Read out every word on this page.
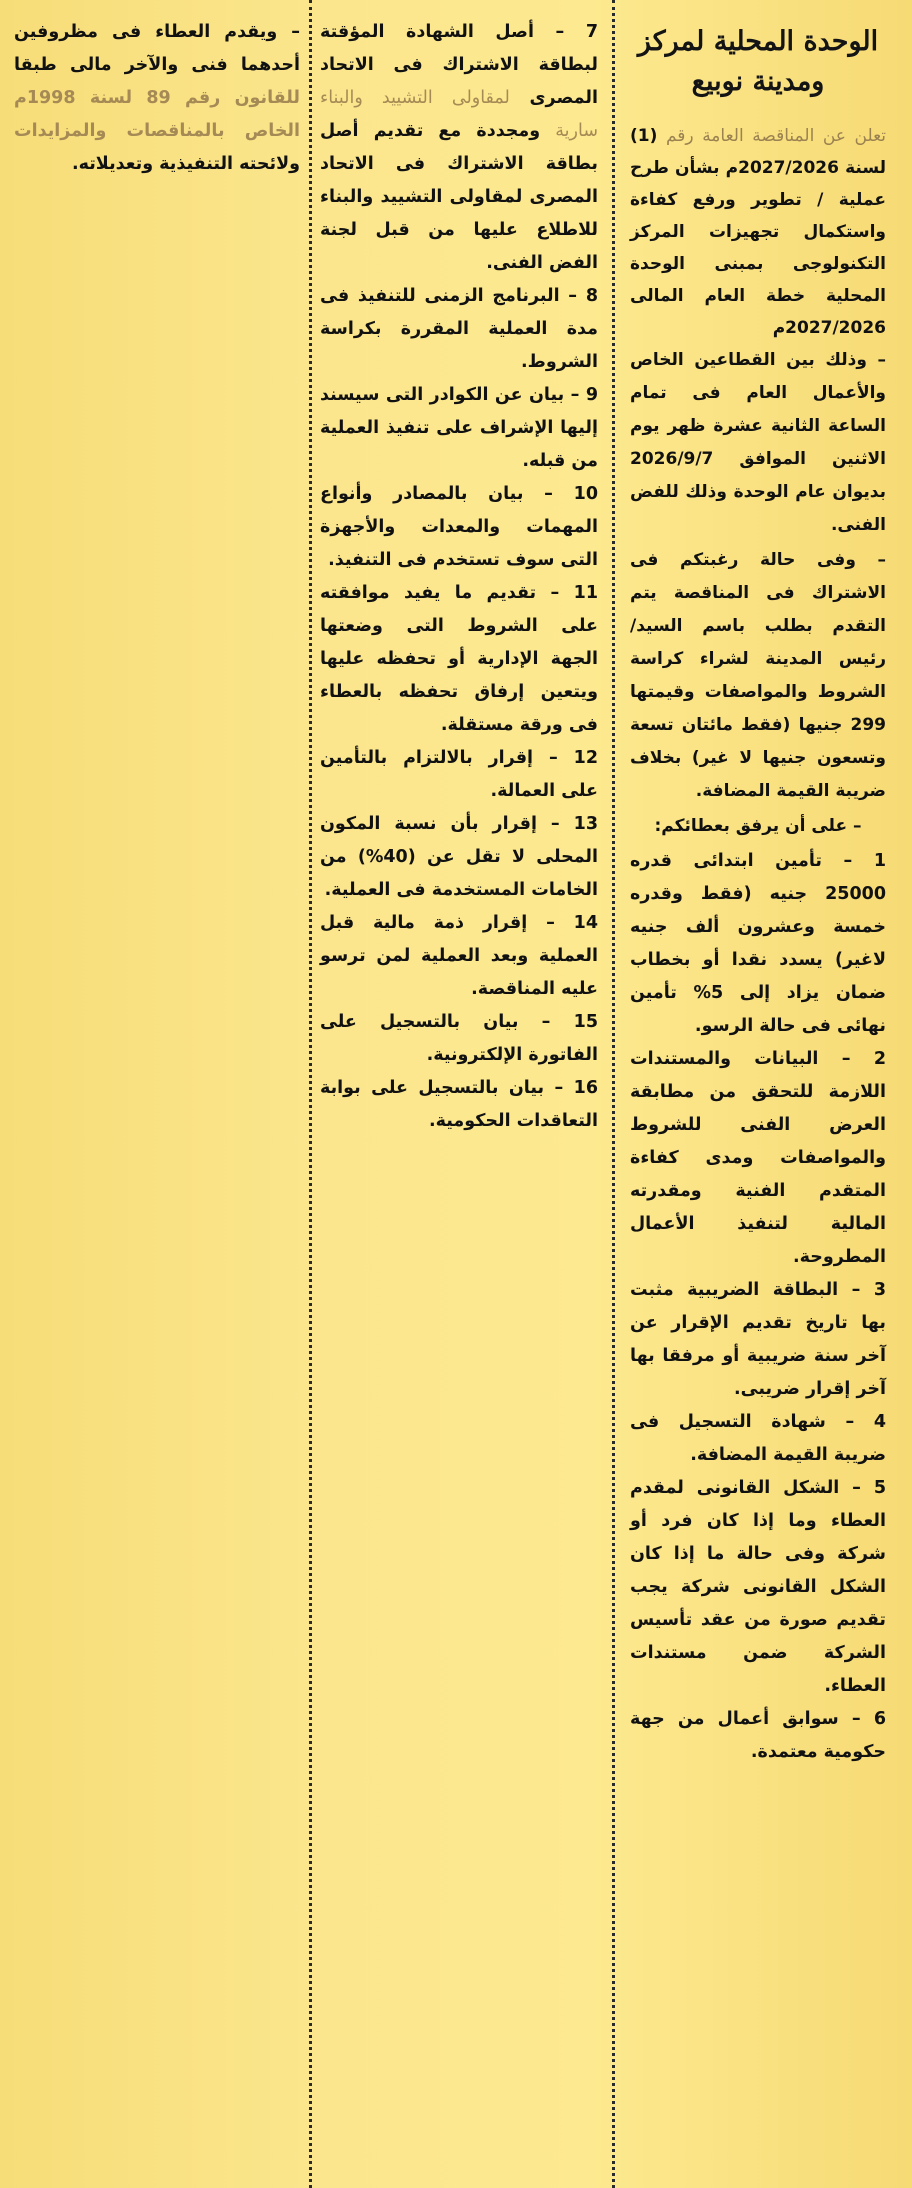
الوحدة المحلية لمركز ومدينة نوبيع

تعلن عن المناقصة العامة رقم (1) لسنة 2027/2026م بشأن طرح عملية / تطوير ورفع كفاءة واستكمال تجهيزات المركز التكنولوجى بمبنى الوحدة المحلية خطة العام المالى 2027/2026م

– وذلك بين القطاعين الخاص والأعمال العام فى تمام الساعة الثانية عشرة ظهر يوم الاثنين الموافق 2026/9/7 بديوان عام الوحدة وذلك للفض الفنى.

– وفى حالة رغبتكم فى الاشتراك فى المناقصة يتم التقدم بطلب باسم السيد/ رئيس المدينة لشراء كراسة الشروط والمواصفات وقيمتها 299 جنيها (فقط مائتان تسعة وتسعون جنيها لا غير) بخلاف ضريبة القيمة المضافة.

– على أن يرفق بعطائكم:

1 – تأمين ابتدائى قدره 25000 جنيه (فقط وقدره خمسة وعشرون ألف جنيه لاغير) يسدد نقدا أو بخطاب ضمان يزاد إلى 5% تأمين نهائى فى حالة الرسو.

2 – البيانات والمستندات اللازمة للتحقق من مطابقة العرض الفنى للشروط والمواصفات ومدى كفاءة المتقدم الفنية ومقدرته المالية لتنفيذ الأعمال المطروحة.

3 – البطاقة الضريبية مثبت بها تاريخ تقديم الإقرار عن آخر سنة ضريبية أو مرفقا بها آخر إقرار ضريبى.

4 – شهادة التسجيل فى ضريبة القيمة المضافة.

5 – الشكل القانونى لمقدم العطاء وما إذا كان فرد أو شركة وفى حالة ما إذا كان الشكل القانونى شركة يجب تقديم صورة من عقد تأسيس الشركة ضمن مستندات العطاء.

6 – سوابق أعمال من جهة حكومية معتمدة.

7 – أصل الشهادة المؤقتة لبطاقة الاشتراك فى الاتحاد المصرى لمقاولى التشييد والبناء سارية ومجددة مع تقديم أصل بطاقة الاشتراك فى الاتحاد المصرى لمقاولى التشييد والبناء للاطلاع عليها من قبل لجنة الفض الفنى.

8 – البرنامج الزمنى للتنفيذ فى مدة العملية المقررة بكراسة الشروط.

9 – بيان عن الكوادر التى سيسند إليها الإشراف على تنفيذ العملية من قبله.

10 – بيان بالمصادر وأنواع المهمات والمعدات والأجهزة التى سوف تستخدم فى التنفيذ.

11 – تقديم ما يفيد موافقته على الشروط التى وضعتها الجهة الإدارية أو تحفظه عليها ويتعين إرفاق تحفظه بالعطاء فى ورقة مستقلة.

12 – إقرار بالالتزام بالتأمين على العمالة.

13 – إقرار بأن نسبة المكون المحلى لا تقل عن (40%) من الخامات المستخدمة فى العملية.

14 – إقرار ذمة مالية قبل العملية وبعد العملية لمن ترسو عليه المناقصة.

15 – بيان بالتسجيل على الفاتورة الإلكترونية.

16 – بيان بالتسجيل على بوابة التعاقدات الحكومية.

– ويقدم العطاء فى مظروفين أحدهما فنى والآخر مالى طبقا للقانون رقم 89 لسنة 1998م الخاص بالمناقصات والمزايدات ولائحته التنفيذية وتعديلاته.
